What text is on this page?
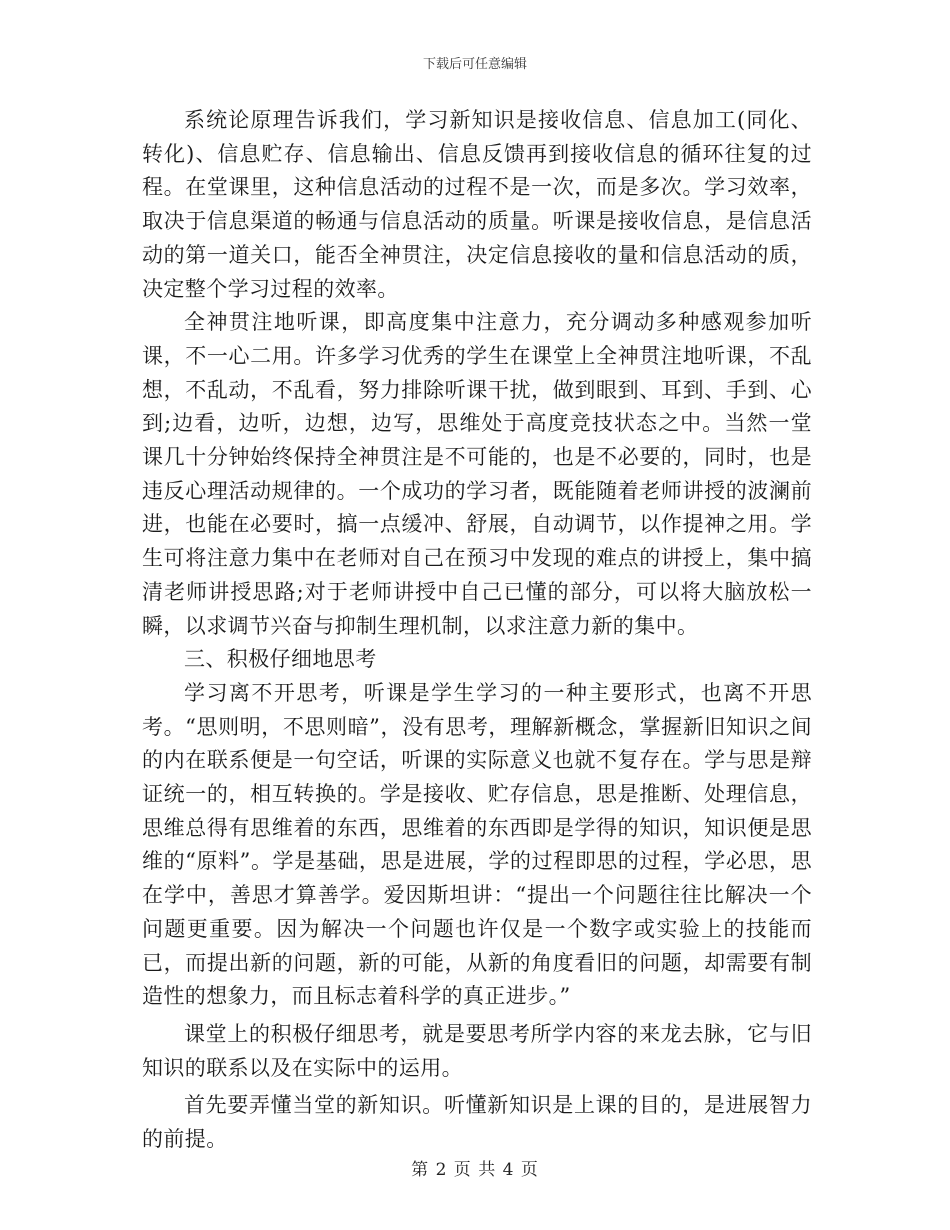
下载后可任意编辑

系统论原理告诉我们，学习新知识是接收信息、信息加工(同化、转化)、信息贮存、信息输出、信息反馈再到接收信息的循环往复的过程。在堂课里，这种信息活动的过程不是一次，而是多次。学习效率，取决于信息渠道的畅通与信息活动的质量。听课是接收信息，是信息活动的第一道关口，能否全神贯注，决定信息接收的量和信息活动的质，决定整个学习过程的效率。

全神贯注地听课，即高度集中注意力，充分调动多种感观参加听课，不一心二用。许多学习优秀的学生在课堂上全神贯注地听课，不乱想，不乱动，不乱看，努力排除听课干扰，做到眼到、耳到、手到、心到;边看，边听，边想，边写，思维处于高度竞技状态之中。当然一堂课几十分钟始终保持全神贯注是不可能的，也是不必要的，同时，也是违反心理活动规律的。一个成功的学习者，既能随着老师讲授的波澜前进，也能在必要时，搞一点缓冲、舒展，自动调节，以作提神之用。学生可将注意力集中在老师对自己在预习中发现的难点的讲授上，集中搞清老师讲授思路;对于老师讲授中自己已懂的部分，可以将大脑放松一瞬，以求调节兴奋与抑制生理机制，以求注意力新的集中。

三、积极仔细地思考

学习离不开思考，听课是学生学习的一种主要形式，也离不开思考。“思则明，不思则暗”，没有思考，理解新概念，掌握新旧知识之间的内在联系便是一句空话，听课的实际意义也就不复存在。学与思是辩证统一的，相互转换的。学是接收、贮存信息，思是推断、处理信息，思维总得有思维着的东西，思维着的东西即是学得的知识，知识便是思维的“原料”。学是基础，思是进展，学的过程即思的过程，学必思，思在学中，善思才算善学。爱因斯坦讲：“提出一个问题往往比解决一个问题更重要。因为解决一个问题也许仅是一个数字或实验上的技能而已，而提出新的问题，新的可能，从新的角度看旧的问题，却需要有制造性的想象力，而且标志着科学的真正进步。”

课堂上的积极仔细思考，就是要思考所学内容的来龙去脉，它与旧知识的联系以及在实际中的运用。

首先要弄懂当堂的新知识。听懂新知识是上课的目的，是进展智力的前提。

第 2 页 共 4 页
